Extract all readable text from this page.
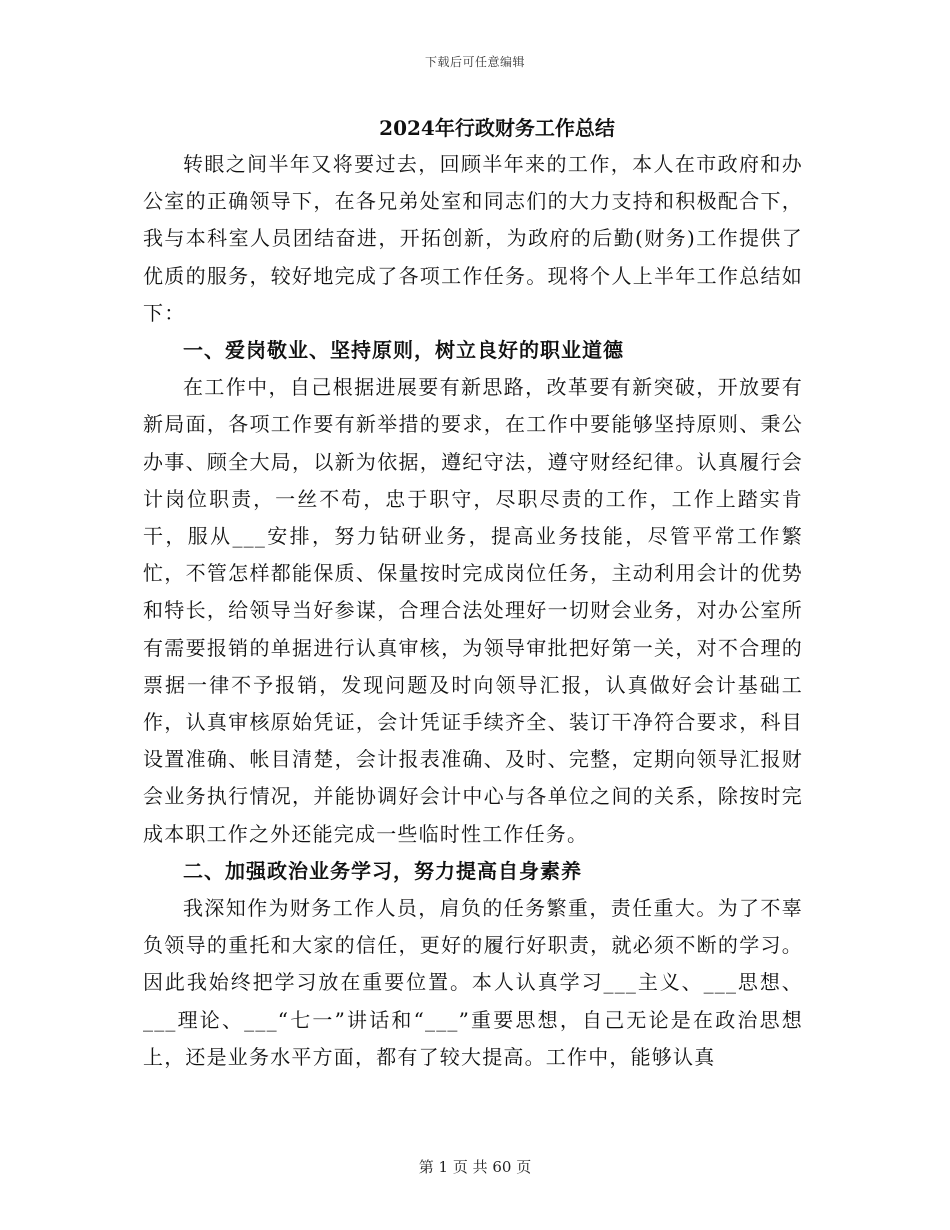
下载后可任意编辑
2024年行政财务工作总结

转眼之间半年又将要过去，回顾半年来的工作，本人在市政府和办公室的正确领导下，在各兄弟处室和同志们的大力支持和积极配合下，我与本科室人员团结奋进，开拓创新，为政府的后勤(财务)工作提供了优质的服务，较好地完成了各项工作任务。现将个人上半年工作总结如下：

一、爱岗敬业、坚持原则，树立良好的职业道德

在工作中，自己根据进展要有新思路，改革要有新突破，开放要有新局面，各项工作要有新举措的要求，在工作中要能够坚持原则、秉公办事、顾全大局，以新为依据，遵纪守法，遵守财经纪律。认真履行会计岗位职责，一丝不苟，忠于职守，尽职尽责的工作，工作上踏实肯干，服从___安排，努力钻研业务，提高业务技能，尽管平常工作繁忙，不管怎样都能保质、保量按时完成岗位任务，主动利用会计的优势和特长，给领导当好参谋，合理合法处理好一切财会业务，对办公室所有需要报销的单据进行认真审核，为领导审批把好第一关，对不合理的票据一律不予报销，发现问题及时向领导汇报，认真做好会计基础工作，认真审核原始凭证，会计凭证手续齐全、装订干净符合要求，科目设置准确、帐目清楚，会计报表准确、及时、完整，定期向领导汇报财会业务执行情况，并能协调好会计中心与各单位之间的关系，除按时完成本职工作之外还能完成一些临时性工作任务。

二、加强政治业务学习，努力提高自身素养

我深知作为财务工作人员，肩负的任务繁重，责任重大。为了不辜负领导的重托和大家的信任，更好的履行好职责，就必须不断的学习。因此我始终把学习放在重要位置。本人认真学习___主义、___思想、___理论、___“七一”讲话和“___”重要思想，自己无论是在政治思想上，还是业务水平方面，都有了较大提高。工作中，能够认真

第 1 页 共 60 页
